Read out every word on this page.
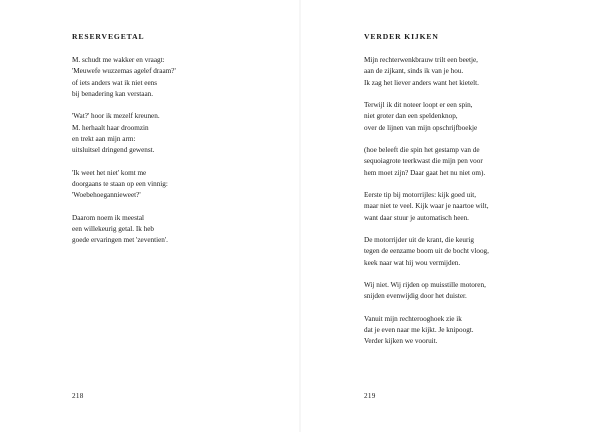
RESERVEGETAL

M. schudt me wakker en vraagt:
'Meuwefe wuzzemas agelef draam?'
of iets anders wat ik niet eens
bij benadering kan verstaan.

'Wat?' hoor ik mezelf kreunen.
M. herhaalt haar droomzin
en trekt aan mijn arm:
uitsluitsel dringend gewenst.

'Ik weet het niet' komt me
doorgaans te staan op een vinnig:
'Woebehoegannieweet?'

Daarom noem ik meestal
een willekeurig getal. Ik heb
goede ervaringen met 'zeventien'.

218
VERDER KIJKEN

Mijn rechterwenkbrauw trilt een beetje,
aan de zijkant, sinds ik van je hou.
Ik zag het liever anders want het kietelt.

Terwijl ik dit noteer loopt er een spin,
niet groter dan een speldenknop,
over de lijnen van mijn opschrijfboekje

(hoe beleeft die spin het gestamp van de
sequoiagrote teerkwast die mijn pen voor
hem moet zijn? Daar gaat het nu niet om).

Eerste tip bij motorrijles: kijk goed uit,
maar niet te veel. Kijk waar je naartoe wilt,
want daar stuur je automatisch heen.

De motorrijder uit de krant, die keurig
tegen de eenzame boom uit de bocht vloog,
keek naar wat hij wou vermijden.

Wij niet. Wij rijden op muisstille motoren,
snijden evenwijdig door het duister.

Vanuit mijn rechterooghoek zie ik
dat je even naar me kijkt. Je knipoogt.
Verder kijken we vooruit.

219
